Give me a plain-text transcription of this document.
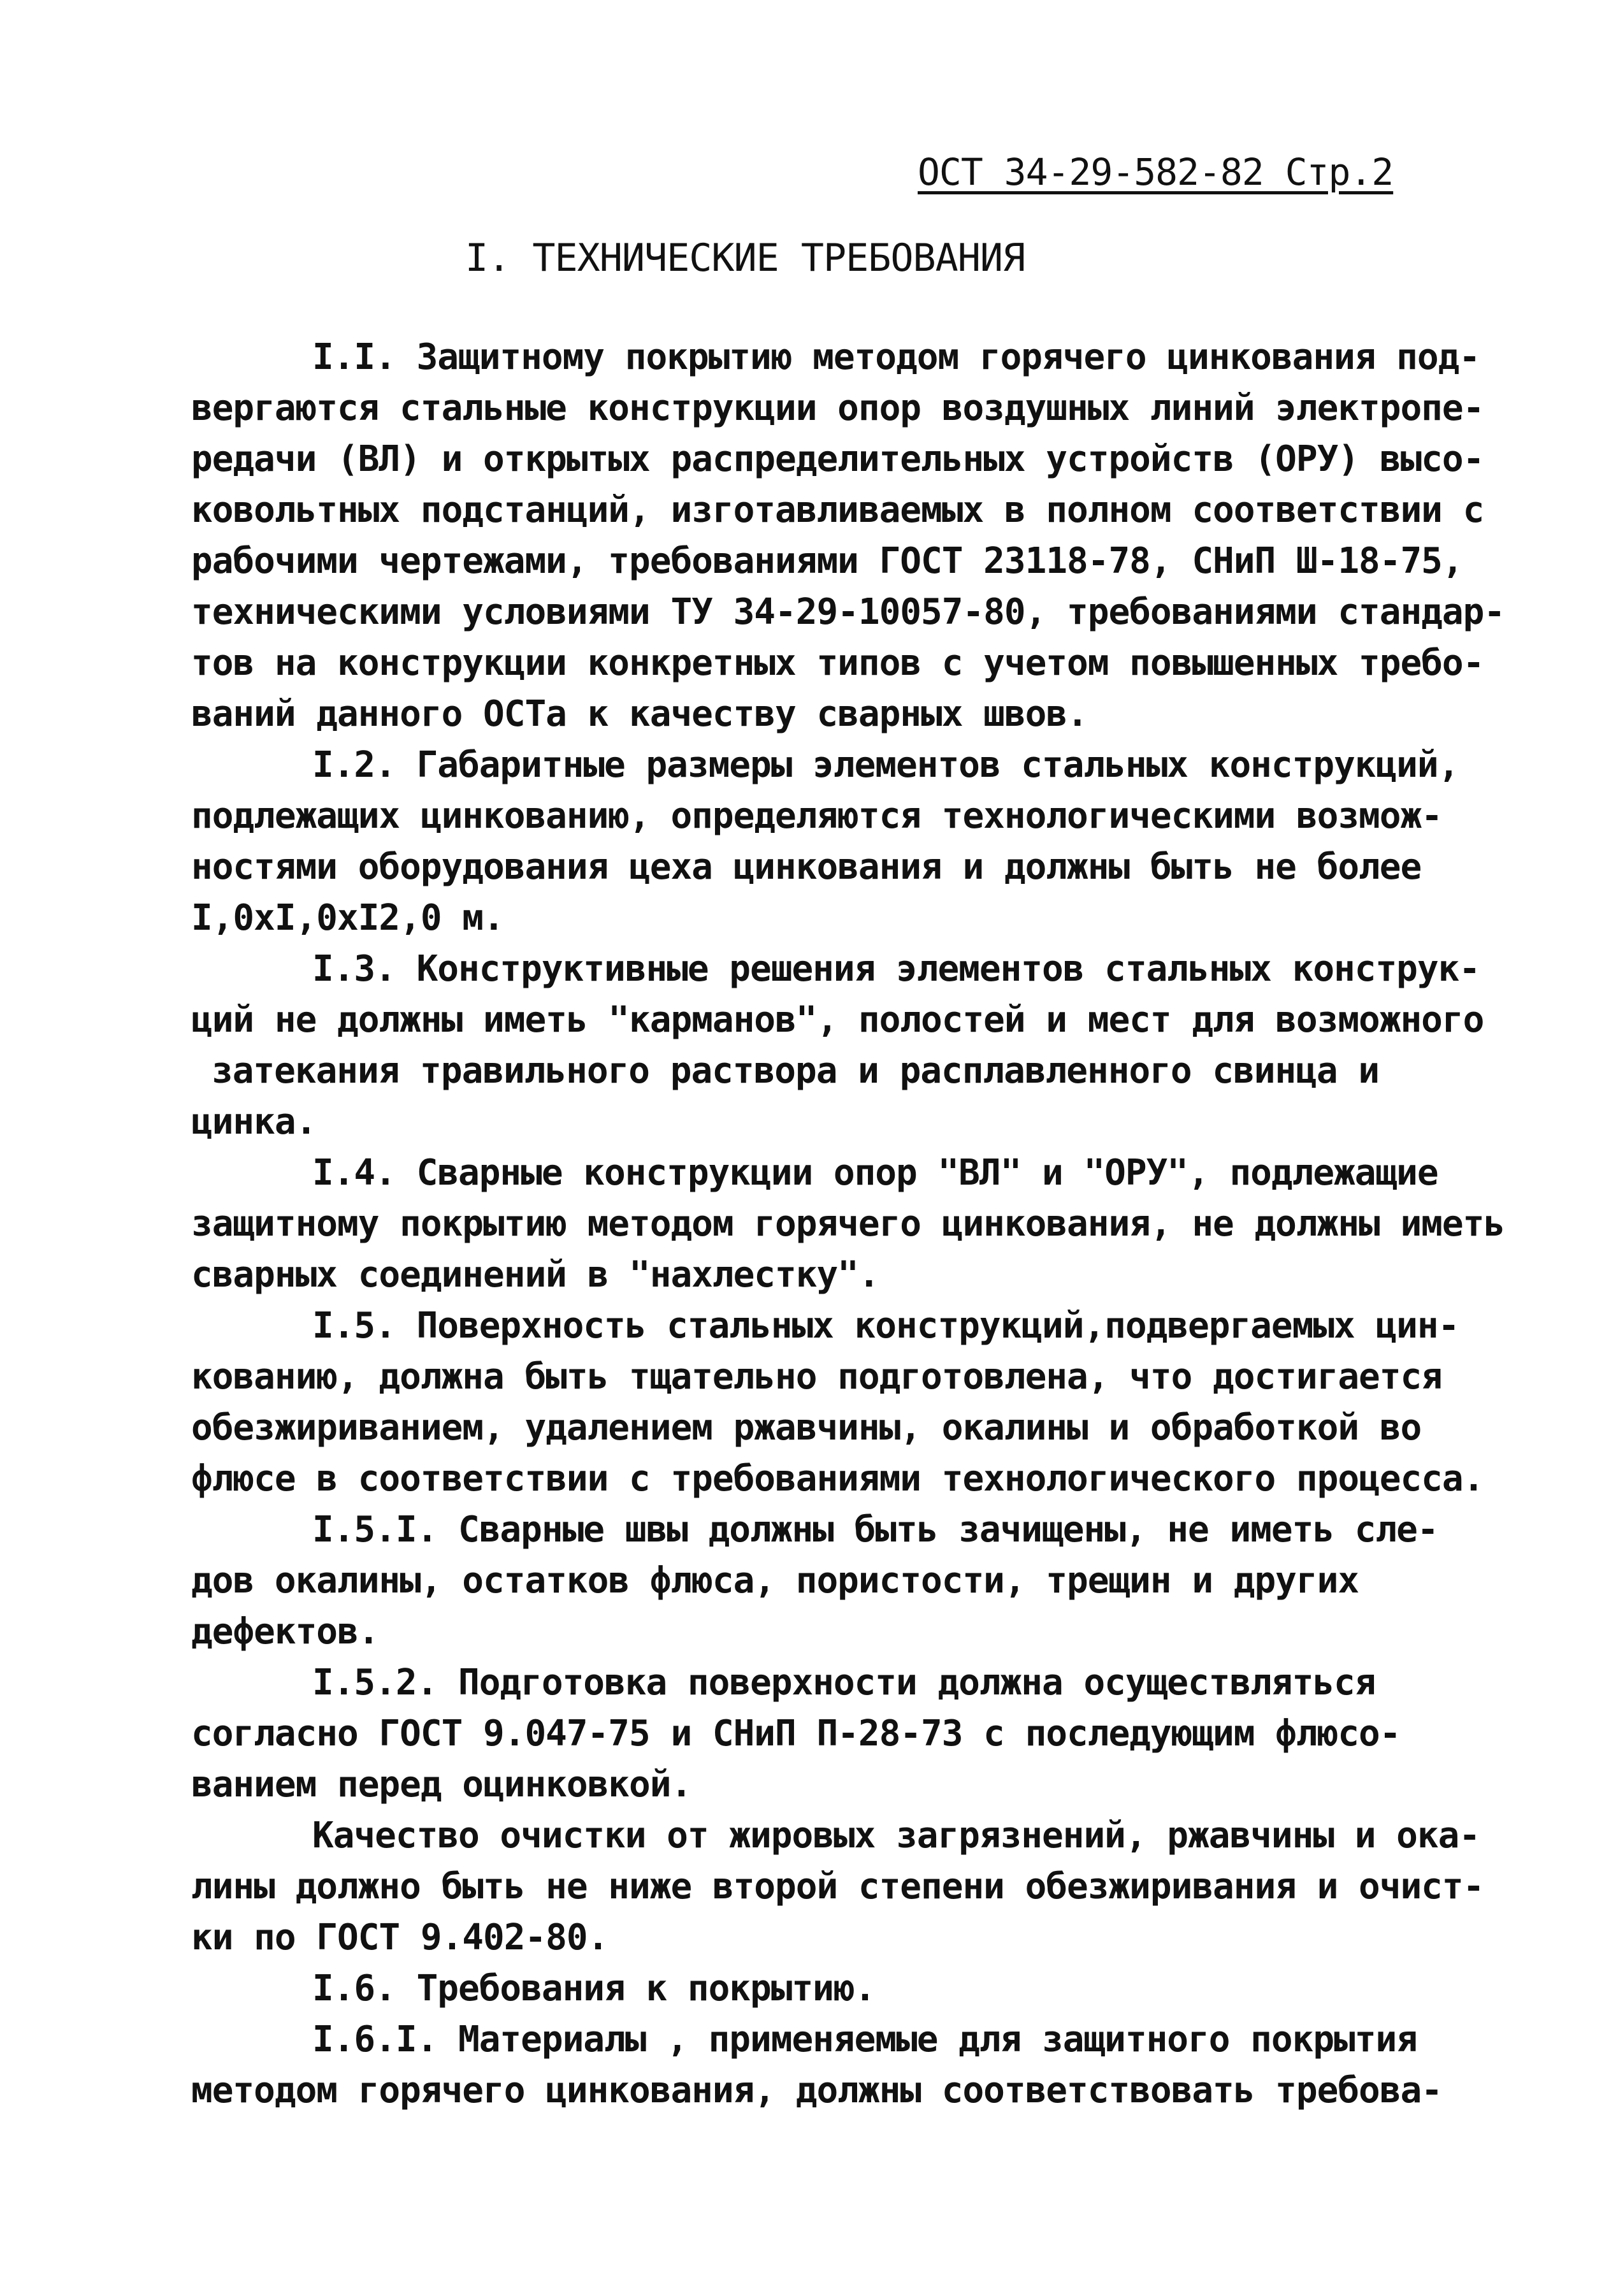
ОСТ 34-29-582-82 Стр.2
I. ТЕХНИЧЕСКИЕ ТРЕБОВАНИЯ
I.I. Защитному покрытию методом горячего цинкования под-
вергаются стальные конструкции опор воздушных линий электропе-
редачи (ВЛ) и открытых распределительных устройств (ОРУ) высо-
ковольтных подстанций, изготавливаемых в полном соответствии с
рабочими чертежами, требованиями ГОСТ 23118-78, СНиП Ш-18-75,
техническими условиями ТУ 34-29-10057-80, требованиями стандар-
тов на конструкции конкретных типов с учетом повышенных требо-
ваний данного ОСТа к качеству сварных швов.
I.2. Габаритные размеры элементов стальных конструкций,
подлежащих цинкованию, определяются технологическими возмож-
ностями оборудования цеха цинкования и должны быть не более
I,0xI,0xI2,0 м.
I.3. Конструктивные решения элементов стальных конструк-
ций не должны иметь "карманов", полостей и мест для возможного
затекания травильного раствора и расплавленного свинца и
цинка.
I.4. Сварные конструкции опор "ВЛ" и "ОРУ", подлежащие
защитному покрытию методом горячего цинкования, не должны иметь
сварных соединений в "нахлестку".
I.5. Поверхность стальных конструкций,подвергаемых цин-
кованию, должна быть тщательно подготовлена, что достигается
обезжириванием, удалением ржавчины, окалины и обработкой во
флюсе в соответствии с требованиями технологического процесса.
I.5.I. Сварные швы должны быть зачищены, не иметь сле-
дов окалины, остатков флюса, пористости, трещин и других
дефектов.
I.5.2. Подготовка поверхности должна осуществляться
согласно ГОСТ 9.047-75 и СНиП П-28-73 с последующим флюсо-
ванием перед оцинковкой.
Качество очистки от жировых загрязнений, ржавчины и ока-
лины должно быть не ниже второй степени обезжиривания и очист-
ки по ГОСТ 9.402-80.
I.6. Требования к покрытию.
I.6.I. Материалы , применяемые для защитного покрытия
методом горячего цинкования, должны соответствовать требова-
